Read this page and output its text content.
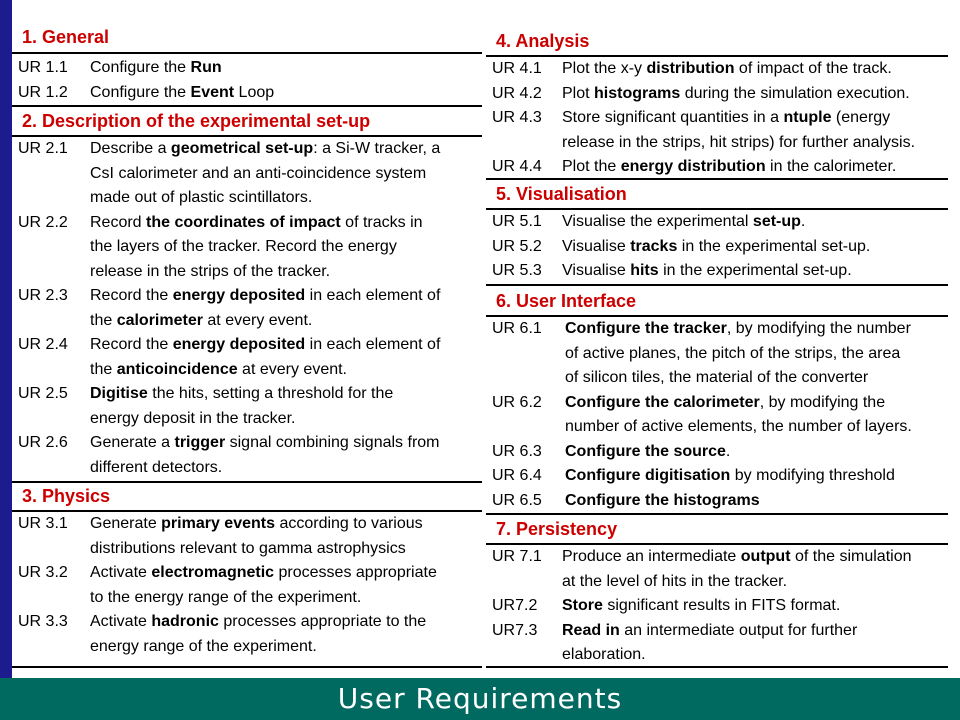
User Requirements
1. General
UR 1.1	Configure the Run
UR 1.2	Configure the Event Loop
2. Description of the experimental set-up
UR 2.1	Describe a geometrical set-up: a Si-W tracker, a
CsI calorimeter and an anti-coincidence system
made out of plastic scintillators.
UR 2.2	Record the coordinates of impact of tracks in
the layers of the tracker. Record the energy
release in the strips of the tracker.
UR 2.3	Record the energy deposited in each element of
the calorimeter at every event.
UR 2.4	Record the energy deposited in each element of
the anticoincidence at every event.
UR 2.5	Digitise the hits, setting a threshold for the
energy deposit in the tracker.
UR 2.6	Generate a trigger signal combining signals from
different detectors.
3. Physics
UR 3.1	Generate primary events according to various
distributions relevant to gamma astrophysics
UR 3.2	Activate electromagnetic processes appropriate
to the energy range of the experiment.
UR 3.3	Activate hadronic processes appropriate to the
energy range of the experiment.
4. Analysis
UR 4.1	Plot the x-y distribution of impact of the track.
UR 4.2	Plot histograms during the simulation execution.
UR 4.3	Store significant quantities in a ntuple (energy
release in the strips, hit strips) for further analysis.
UR 4.4	Plot the energy distribution in the calorimeter.
5. Visualisation
UR 5.1	Visualise the experimental set-up.
UR 5.2	Visualise tracks in the experimental set-up.
UR 5.3	Visualise hits in the experimental set-up.
6. User Interface
UR 6.1	Configure the tracker, by modifying the number
of active planes, the pitch of the strips, the area
of silicon tiles, the material of the converter
UR 6.2	Configure the calorimeter, by modifying the
number of active elements, the number of layers.
UR 6.3	Configure the source.
UR 6.4	Configure digitisation by modifying threshold
UR 6.5	Configure the histograms
7. Persistency
UR 7.1	Produce an intermediate output of the simulation
at the level of hits in the tracker.
UR7.2	Store significant results in FITS format.
UR7.3	Read in an intermediate output for further
elaboration.
